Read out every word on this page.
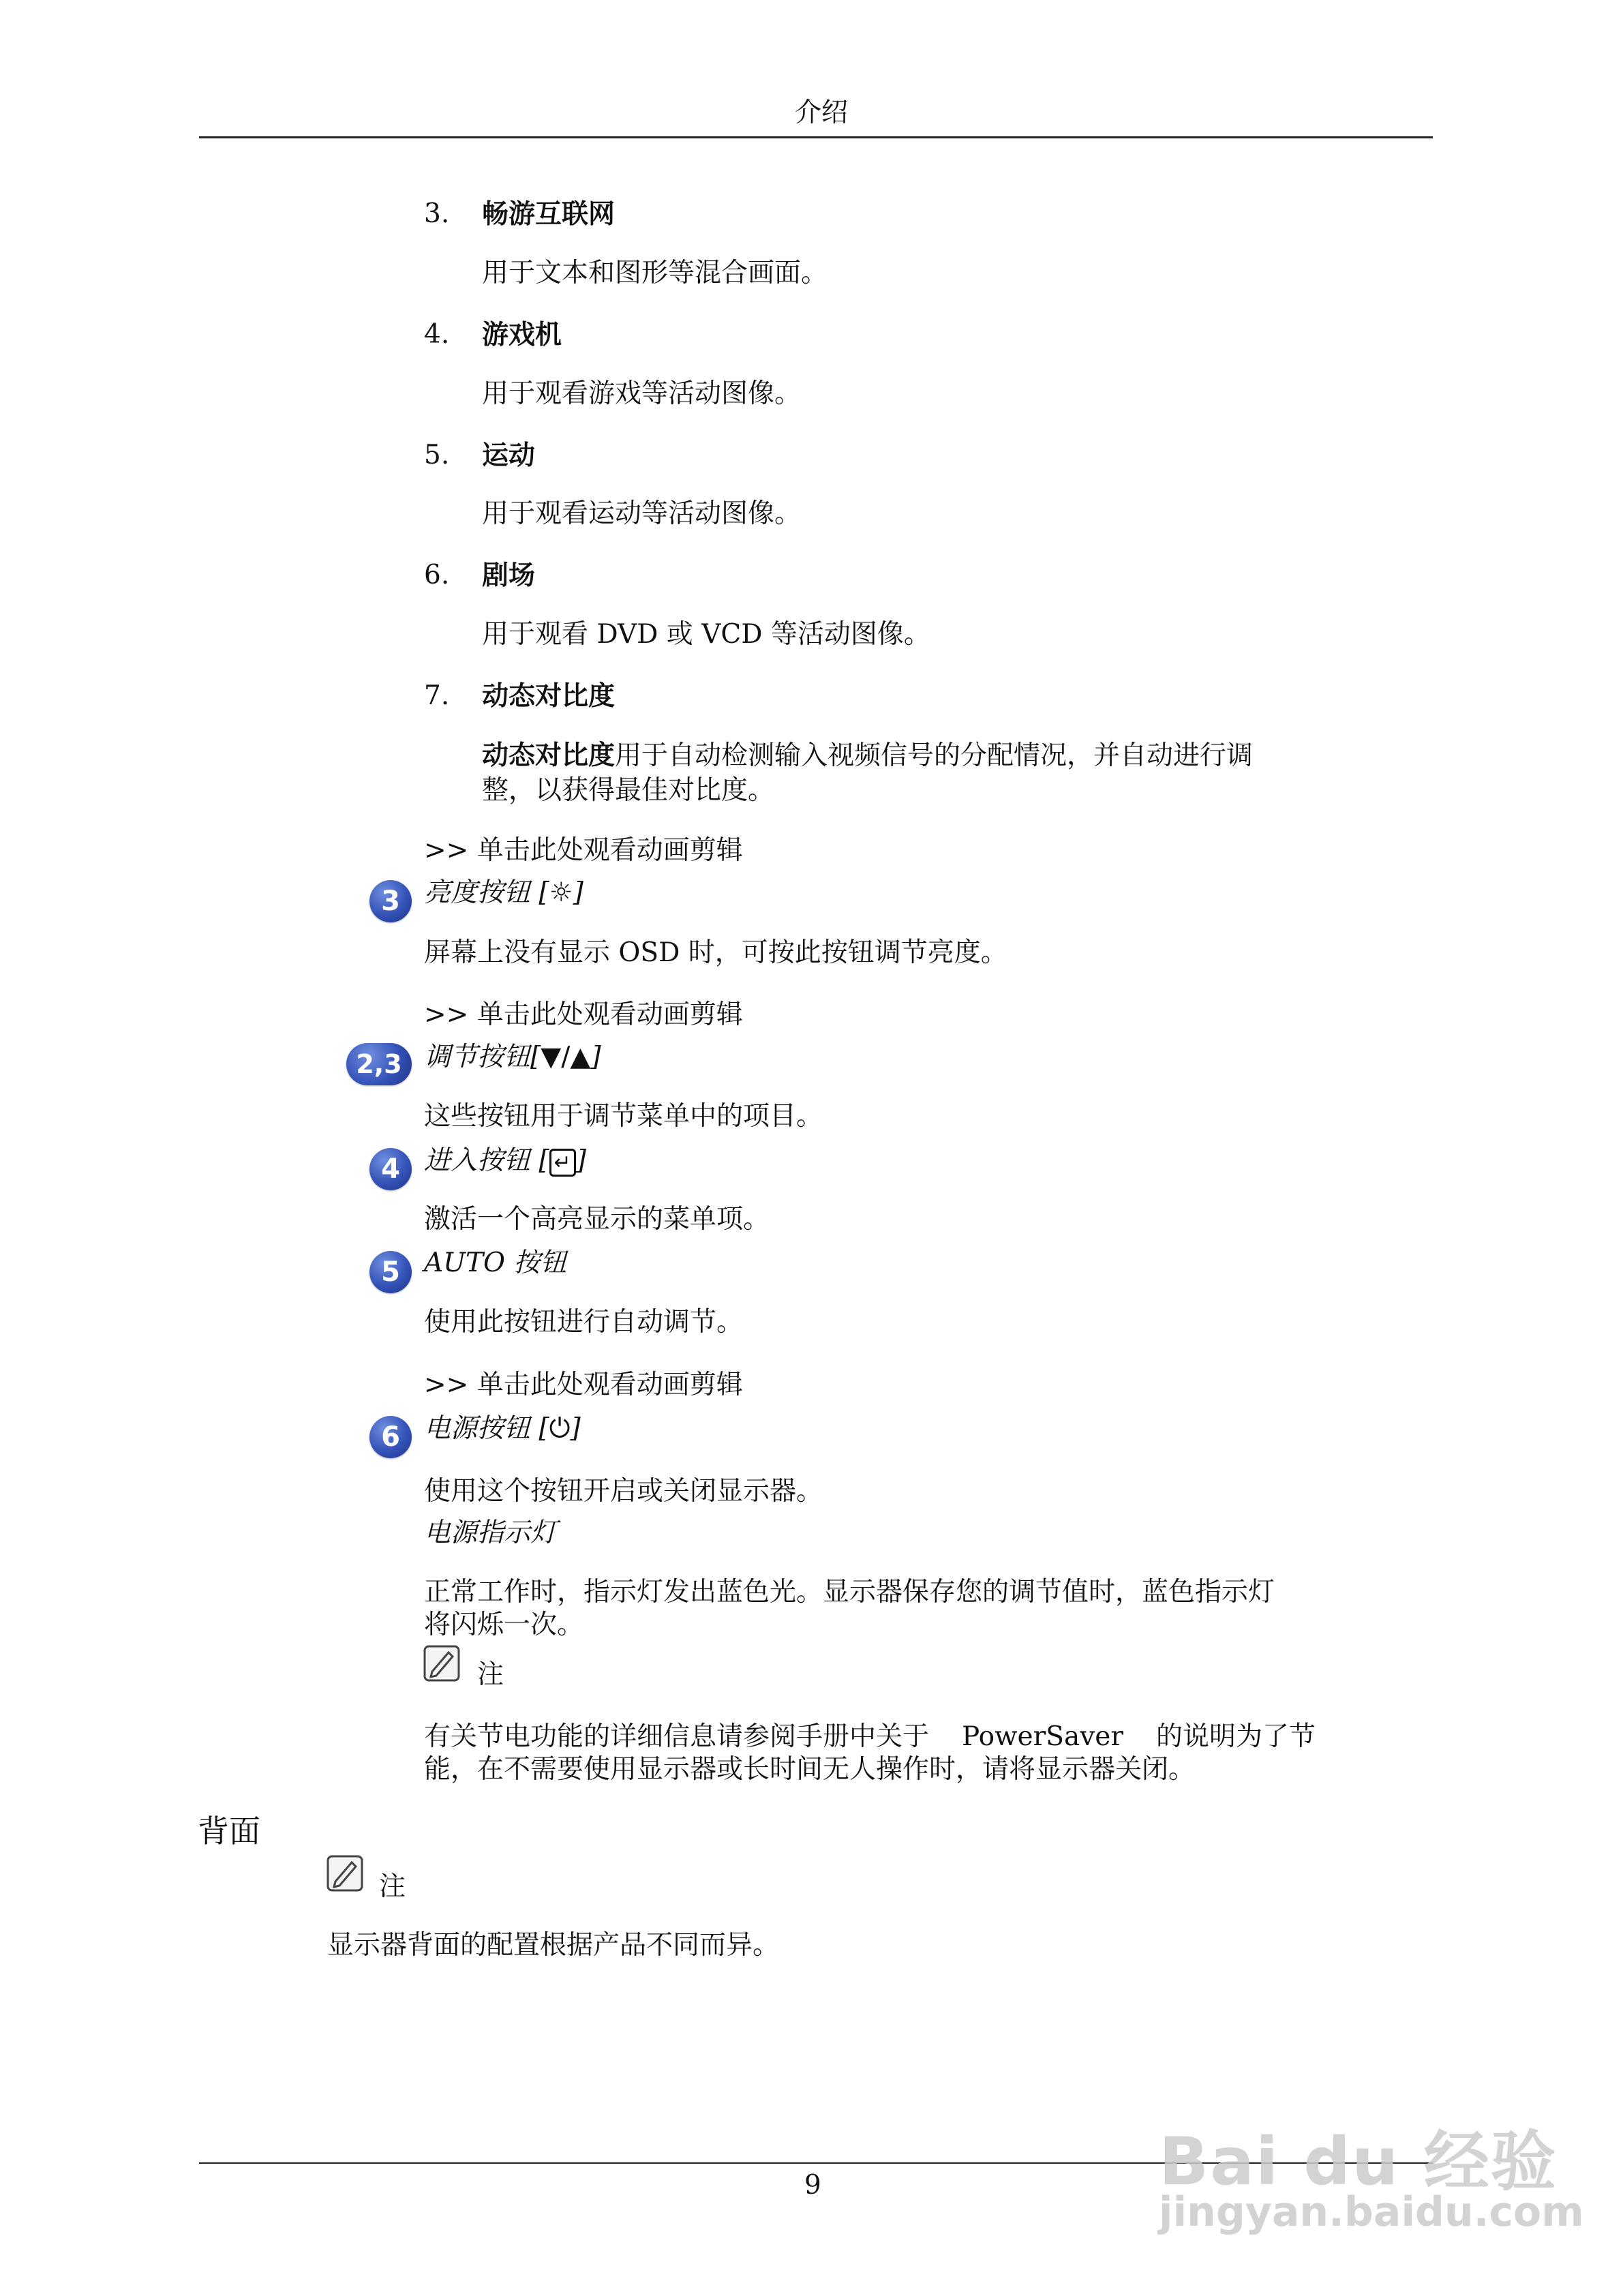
介绍
3. 畅游互联网
用于文本和图形等混合画面。
4. 游戏机
用于观看游戏等活动图像。
5. 运动
用于观看运动等活动图像。
6. 剧场
用于观看 DVD 或 VCD 等活动图像。
7. 动态对比度
动态对比度用于自动检测输入视频信号的分配情况，并自动进行调
整，以获得最佳对比度。
>> 单击此处观看动画剪辑
3 亮度按钮 [☼]
屏幕上没有显示 OSD 时，可按此按钮调节亮度。
>> 单击此处观看动画剪辑
2,3 调节按钮[▼/▲]
这些按钮用于调节菜单中的项目。
4 进入按钮 [ ↵ ]
激活一个高亮显示的菜单项。
5 AUTO 按钮
使用此按钮进行自动调节。
>> 单击此处观看动画剪辑
6 电源按钮 [⏻]
使用这个按钮开启或关闭显示器。
电源指示灯
正常工作时，指示灯发出蓝色光。显示器保存您的调节值时，蓝色指示灯
将闪烁一次。
注
有关节电功能的详细信息请参阅手册中关于 PowerSaver 的说明为了节
能，在不需要使用显示器或长时间无人操作时，请将显示器关闭。
背面
注
显示器背面的配置根据产品不同而异。
9	Bai du 经验
jingyan.baidu.com
